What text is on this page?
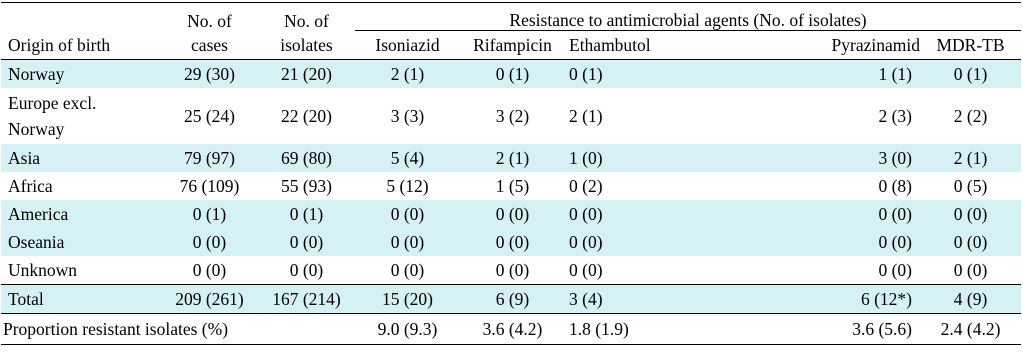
	No. of	No. of	Resistance to antimicrobial agents (No. of isolates)				
Origin of birth	cases	isolates	Isoniazid	Rifampicin	Ethambutol	Pyrazinamid	MDR-TB
Norway	29 (30)	21 (20)	2 (1)	0 (1)	0 (1)	1 (1)	0 (1)

Europe excl.
Norway	25 (24)	22 (20)	3 (3)	3 (2)	2 (1)	2 (3)	2 (2)
Asia	79 (97)	69 (80)	5 (4)	2 (1)	1 (0)	3 (0)	2 (1)
Africa	76 (109)	55 (93)	5 (12)	1 (5)	0 (2)	0 (8)	0 (5)
America	0 (1)	0 (1)	0 (0)	0 (0)	0 (0)	0 (0)	0 (0)
Oseania	0 (0)	0 (0)	0 (0)	0 (0)	0 (0)	0 (0)	0 (0)
Unknown	0 (0)	0 (0)	0 (0)	0 (0)	0 (0)	0 (0)	0 (0)
Total	209 (261)	167 (214)	15 (20)	6 (9)	3 (4)	6 (12*)	4 (9)
Proportion resistant isolates (%)			9.0 (9.3)	3.6 (4.2)	1.8 (1.9)	3.6 (5.6)	2.4 (4.2)
